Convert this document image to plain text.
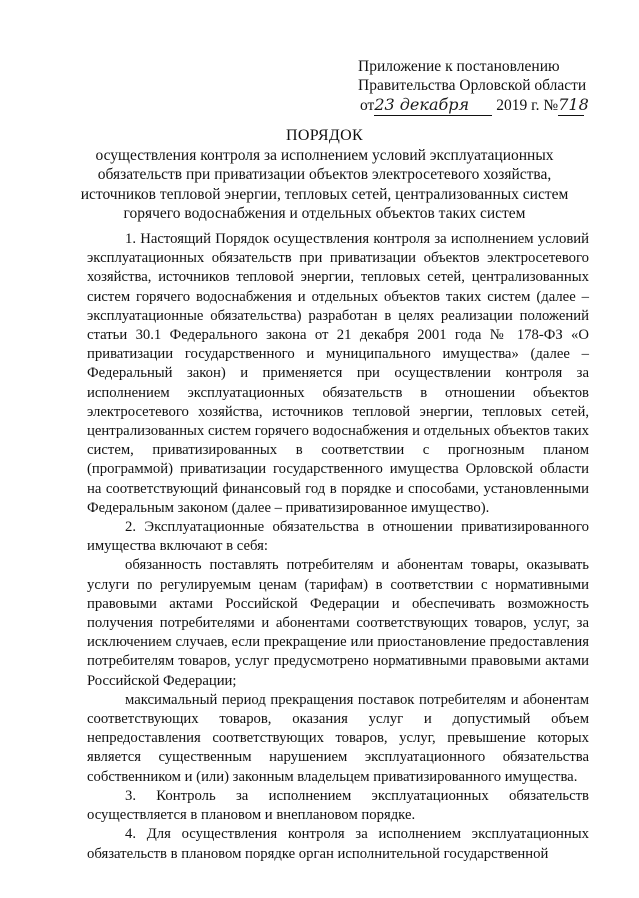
Приложение к постановлению
Правительства Орловской области
от23 декабря 2019 г. №718
ПОРЯДОК
осуществления контроля за исполнением условий эксплуатационных
обязательств при приватизации объектов электросетевого хозяйства,
источников тепловой энергии, тепловых сетей, централизованных систем
горячего водоснабжения и отдельных объектов таких систем

1. Настоящий Порядок осуществления контроля за исполнением условий эксплуатационных обязательств при приватизации объектов электросетевого хозяйства, источников тепловой энергии, тепловых сетей, централизованных систем горячего водоснабжения и отдельных объектов таких систем (далее – эксплуатационные обязательства) разработан в целях реализации положений статьи 30.1 Федерального закона от 21 декабря 2001 года № 178-ФЗ «О приватизации государственного и муниципального имущества» (далее – Федеральный закон) и применяется при осуществлении контроля за исполнением эксплуатационных обязательств в отношении объектов электросетевого хозяйства, источников тепловой энергии, тепловых сетей, централизованных систем горячего водоснабжения и отдельных объектов таких систем, приватизированных в соответствии с прогнозным планом (программой) приватизации государственного имущества Орловской области на соответствующий финансовый год в порядке и способами, установленными Федеральным законом (далее – приватизированное имущество).

2. Эксплуатационные обязательства в отношении приватизированного имущества включают в себя:

обязанность поставлять потребителям и абонентам товары, оказывать услуги по регулируемым ценам (тарифам) в соответствии с нормативными правовыми актами Российской Федерации и обеспечивать возможность получения потребителями и абонентами соответствующих товаров, услуг, за исключением случаев, если прекращение или приостановление предоставления потребителям товаров, услуг предусмотрено нормативными правовыми актами Российской Федерации;

максимальный период прекращения поставок потребителям и абонентам соответствующих товаров, оказания услуг и допустимый объем непредоставления соответствующих товаров, услуг, превышение которых является существенным нарушением эксплуатационного обязательства собственником и (или) законным владельцем приватизированного имущества.

3. Контроль за исполнением эксплуатационных обязательств осуществляется в плановом и внеплановом порядке.

4. Для осуществления контроля за исполнением эксплуатационных обязательств в плановом порядке орган исполнительной государственной
